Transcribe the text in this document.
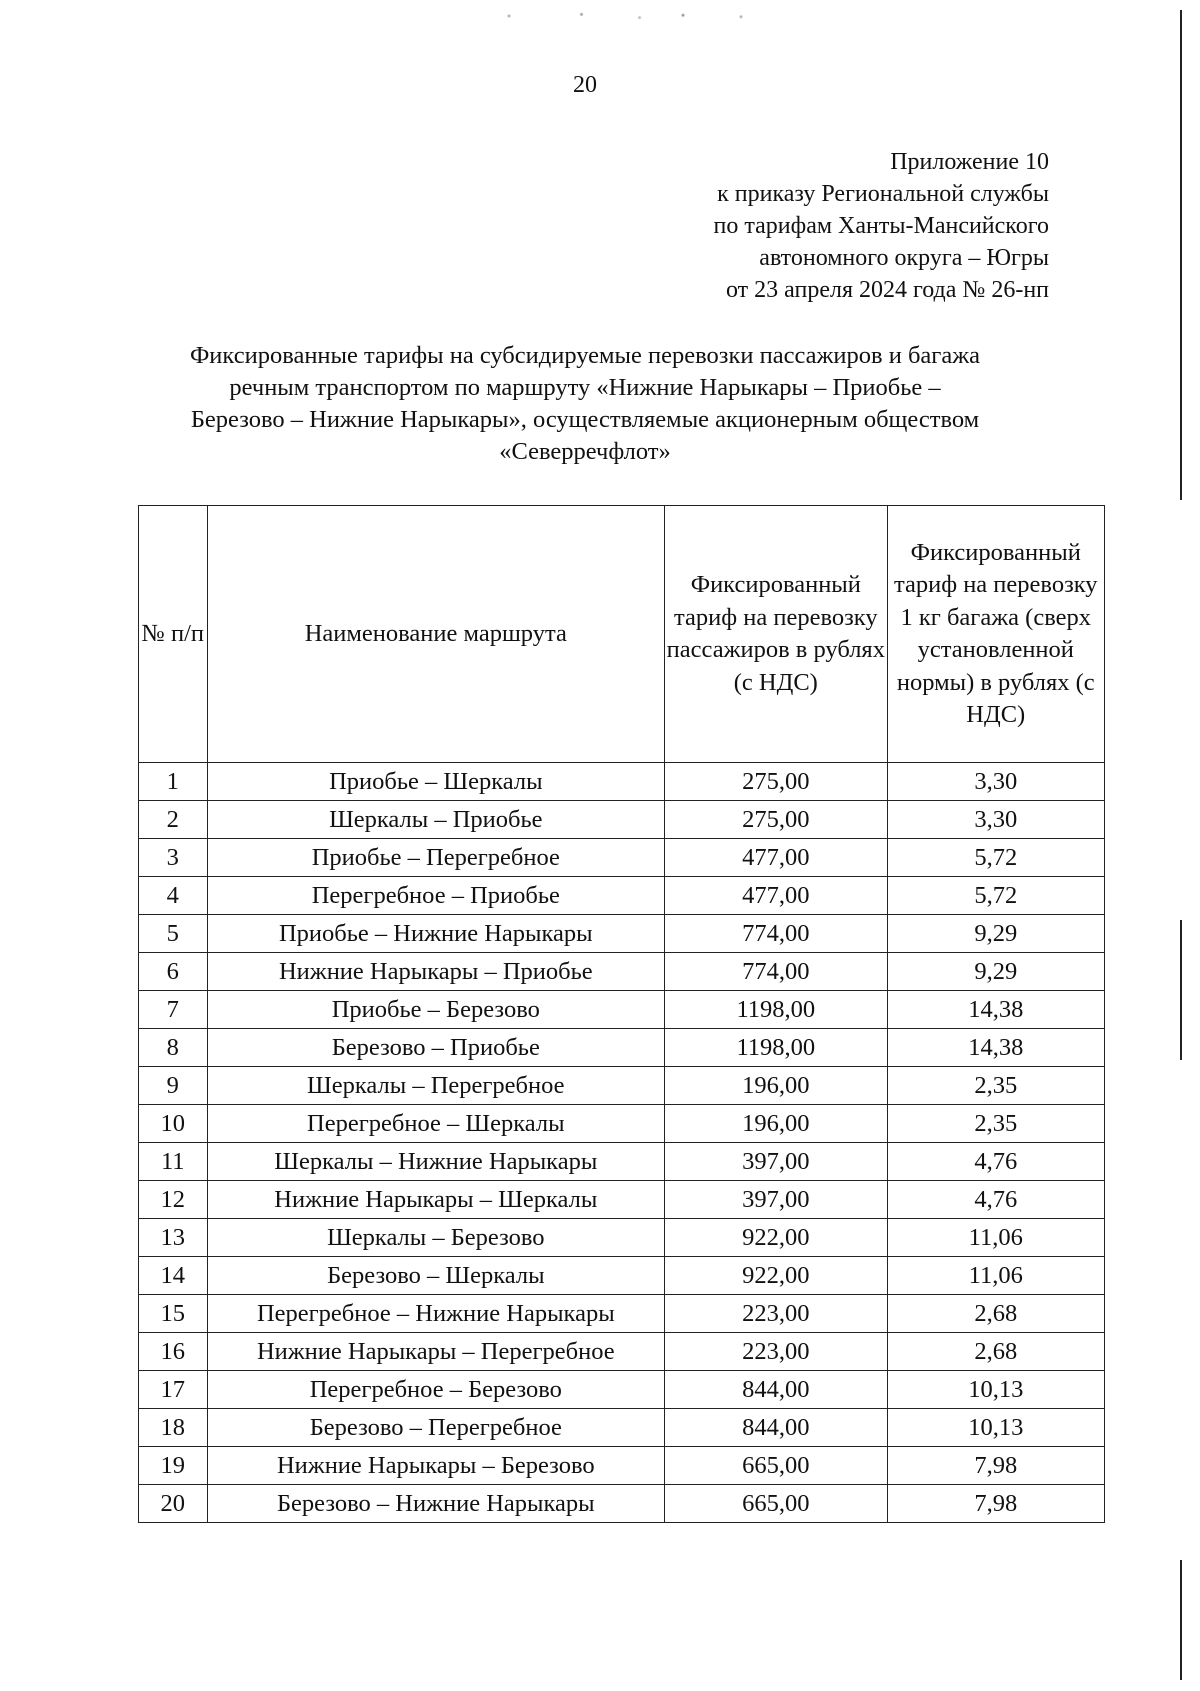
20
Приложение 10
к приказу Региональной службы
по тарифам Ханты-Мансийского
автономного округа – Югры
от 23 апреля 2024 года № 26-нп
Фиксированные тарифы на субсидируемые перевозки пассажиров и багажа
речным транспортом по маршруту «Нижние Нарыкары – Приобье –
Березово – Нижние Нарыкары», осуществляемые акционерным обществом
«Северречфлот»
№ п/п	Наименование маршрута	Фиксированный тариф на перевозку пассажиров в рублях (с НДС)	Фиксированный тариф на перевозку 1 кг багажа (сверх установленной нормы) в рублях (с НДС)
1	Приобье – Шеркалы	275,00	3,30
2	Шеркалы – Приобье	275,00	3,30
3	Приобье – Перегребное	477,00	5,72
4	Перегребное – Приобье	477,00	5,72
5	Приобье – Нижние Нарыкары	774,00	9,29
6	Нижние Нарыкары – Приобье	774,00	9,29
7	Приобье – Березово	1198,00	14,38
8	Березово – Приобье	1198,00	14,38
9	Шеркалы – Перегребное	196,00	2,35
10	Перегребное – Шеркалы	196,00	2,35
11	Шеркалы – Нижние Нарыкары	397,00	4,76
12	Нижние Нарыкары – Шеркалы	397,00	4,76
13	Шеркалы – Березово	922,00	11,06
14	Березово – Шеркалы	922,00	11,06
15	Перегребное – Нижние Нарыкары	223,00	2,68
16	Нижние Нарыкары – Перегребное	223,00	2,68
17	Перегребное – Березово	844,00	10,13
18	Березово – Перегребное	844,00	10,13
19	Нижние Нарыкары – Березово	665,00	7,98
20	Березово – Нижние Нарыкары	665,00	7,98
